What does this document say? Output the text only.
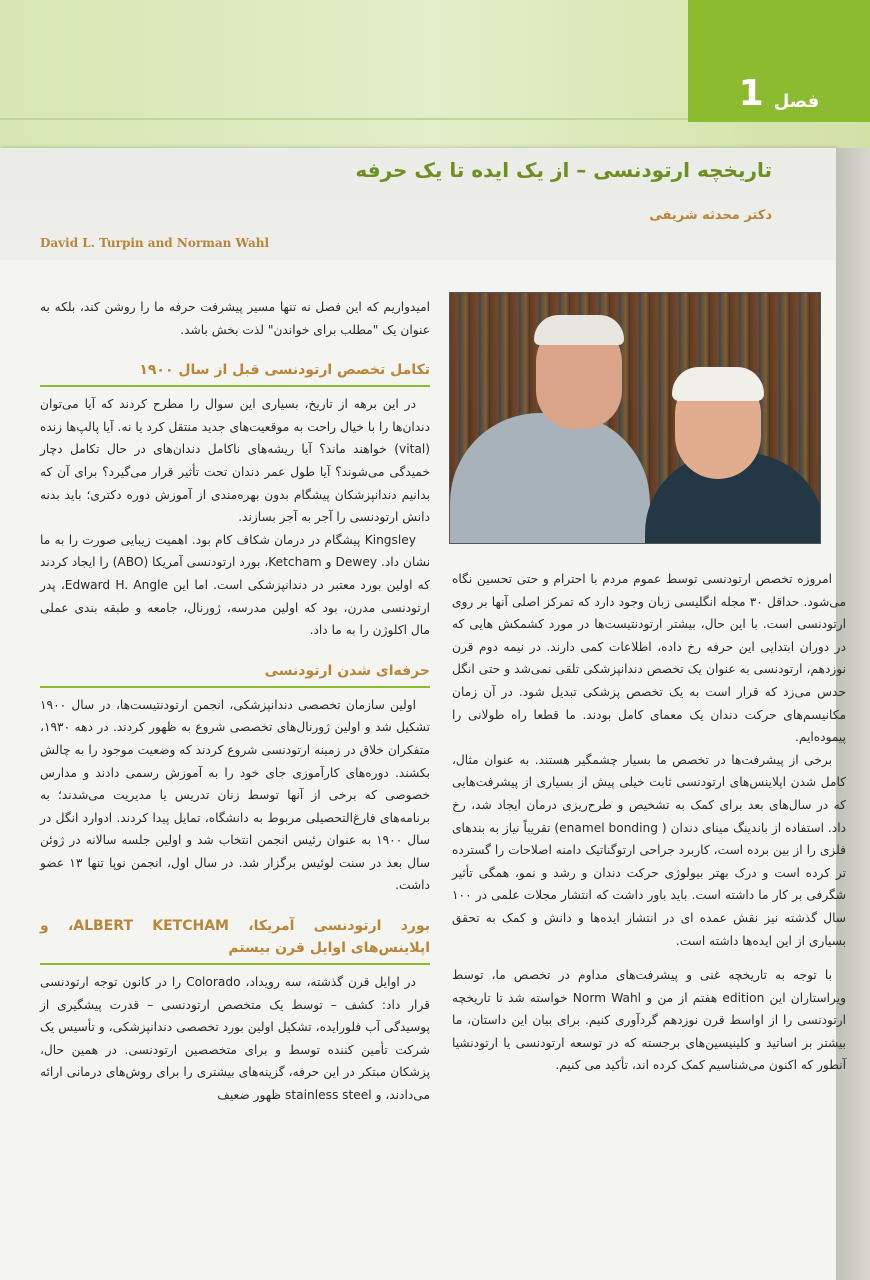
فصل
1
تاریخچه ارتودنسی – از یک ایده تا یک حرفه
دکتر محدثه شریفی
David L. Turpin and Norman Wahl

امیدواریم که این فصل نه تنها مسیر پیشرفت حرفه ما را روشن کند، بلکه به عنوان یک "مطلب برای خواندن" لذت بخش باشد.

تکامل تخصص ارتودنسی قبل از سال ۱۹۰۰

در این برهه از تاریخ، بسیاری این سوال را مطرح کردند که آیا می‌توان دندان‌ها را با خیال راحت به موقعیت‌های جدید منتقل کرد یا نه. آیا پالپ‌ها زنده (vital) خواهند ماند؟ آیا ریشه‌های ناکامل دندان‌های در حال تکامل دچار خمیدگی می‌شوند؟ آیا طول عمر دندان تحت تأثیر قرار می‌گیرد؟ برای آن که بدانیم دندانپزشکان پیشگام بدون بهره‌مندی از آموزش دوره دکتری؛ باید بدنه دانش ارتودنسی را آجر به آجر بسازند.

Kingsley پیشگام در درمان شکاف کام بود. اهمیت زیبایی صورت را به ما نشان داد. Dewey و Ketcham، بورد ارتودنسی آمریکا (ABO) را ایجاد کردند که اولین بورد معتبر در دندانپزشکی است. اما این Edward H. Angle، پدر ارتودنسی مدرن، بود که اولین مدرسه، ژورنال، جامعه و طبقه بندی عملی مال اکلوژن را به ما داد.

حرفه‌ای شدن ارتودنسی

اولین سازمان تخصصی دندانپزشکی، انجمن ارتودنتیست‌ها، در سال ۱۹۰۰ تشکیل شد و اولین ژورنال‌های تخصصی شروع به ظهور کردند. در دهه ۱۹۳۰، متفکران خلاق در زمینه ارتودنسی شروع کردند که وضعیت موجود را به چالش بکشند. دوره‌های کارآموزی جای خود را به آموزش رسمی دادند و مدارس خصوصی که برخی از آنها توسط زنان تدریس یا مدیریت می‌شدند؛ به برنامه‌های فارغ‌التحصیلی مربوط به دانشگاه، تمایل پیدا کردند. ادوارد انگل در سال ۱۹۰۰ به عنوان رئیس انجمن انتخاب شد و اولین جلسه سالانه در ژوئن سال بعد در سنت لوئیس برگزار شد. در سال اول، انجمن نوپا تنها ۱۳ عضو داشت.

بورد ارتودنسی آمریکا، ALBERT KETCHAM، و اپلاینس‌های اوایل قرن بیستم

در اوایل قرن گذشته، سه رویداد، Colorado را در کانون توجه ارتودنسی قرار داد: کشف – توسط یک متخصص ارتودنسی – قدرت پیشگیری از پوسیدگی آب فلورایده، تشکیل اولین بورد تخصصی دندانپزشکی، و تأسیس یک شرکت تأمین کننده توسط و برای متخصصین ارتودنسی. در همین حال، پزشکان مبتکر در این حرفه، گزینه‌های بیشتری را برای روش‌های درمانی ارائه می‌دادند، و stainless steel ظهور ضعیف

امروزه تخصص ارتودنسی توسط عموم مردم با احترام و حتی تحسین نگاه می‌شود. حداقل ۳۰ مجله انگلیسی زبان وجود دارد که تمرکز اصلی آنها بر روی ارتودنسی است. با این حال، بیشتر ارتودنتیست‌ها در مورد کشمکش هایی که در دوران ابتدایی این حرفه رخ داده، اطلاعات کمی دارند. در نیمه دوم قرن نوزدهم، ارتودنسی به عنوان یک تخصص دندانپزشکی تلقی نمی‌شد و حتی انگل حدس می‌زد که قرار است به یک تخصص پزشکی تبدیل شود. در آن زمان مکانیسم‌های حرکت دندان یک معمای کامل بودند. ما قطعا راه طولانی را پیموده‌ایم.

برخی از پیشرفت‌ها در تخصص ما بسیار چشمگیر هستند. به عنوان مثال، کامل شدن اپلاینس‌های ارتودنسی ثابت خیلی پیش از بسیاری از پیشرفت‌هایی که در سال‌های بعد برای کمک به تشخیص و طرح‌ریزی درمان ایجاد شد، رخ داد. استفاده از باندینگ مینای دندان ( enamel bonding) تقریباً نیاز به بندهای فلزی را از بین برده است، کاربرد جراحی ارتوگناتیک دامنه اصلاحات را گسترده تر کرده است و درک بهتر بیولوژی حرکت دندان و رشد و نمو، همگی تأثیر شگرفی بر کار ما داشته است. باید باور داشت که انتشار مجلات علمی در ۱۰۰ سال گذشته نیز نقش عمده ای در انتشار ایده‌ها و دانش و کمک به تحقق بسیاری از این ایده‌ها داشته است.

با توجه به تاریخچه غنی و پیشرفت‌های مداوم در تخصص ما، توسط ویراستاران این edition هفتم از من و Norm Wahl خواسته شد تا تاریخچه ارتودنسی را از اواسط قرن نوزدهم گردآوری کنیم. برای بیان این داستان، ما بیشتر بر اساتید و کلینیسین‌های برجسته که در توسعه ارتودنسی یا ارتودنشیا آنطور که اکنون می‌شناسیم کمک کرده اند، تأکید می کنیم.
